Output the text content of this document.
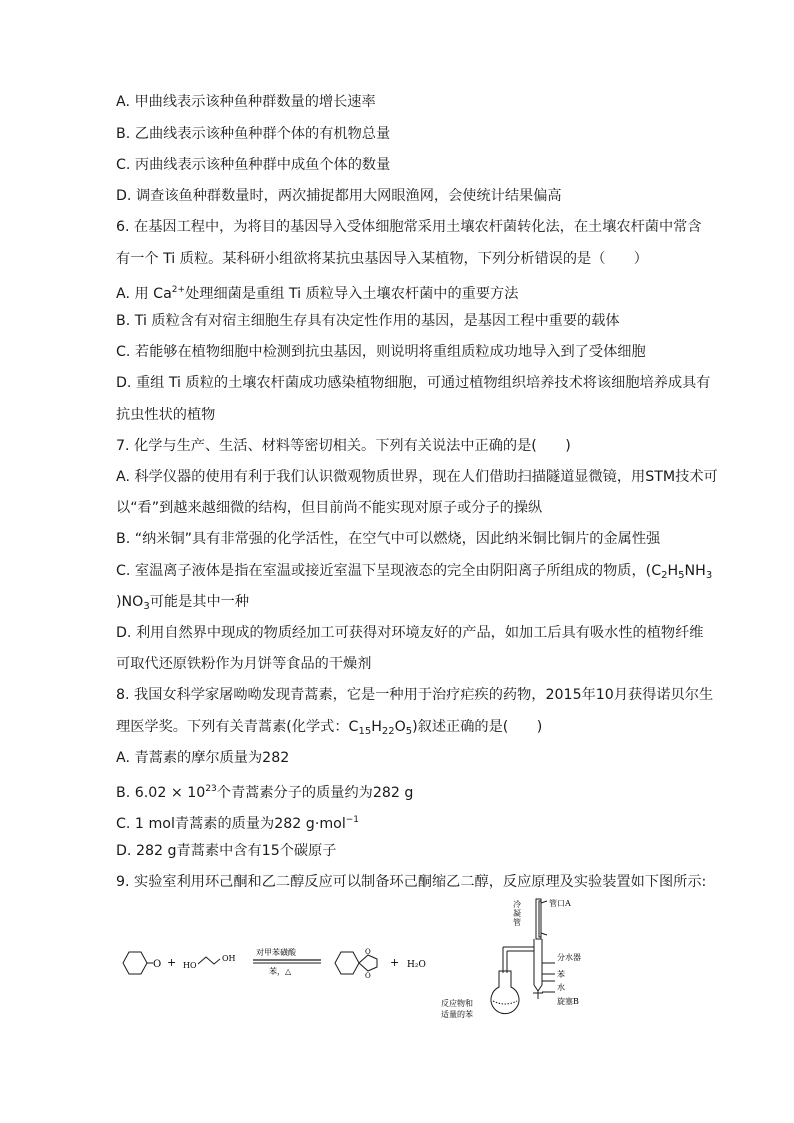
A. 甲曲线表示该种鱼种群数量的增长速率
B. 乙曲线表示该种鱼种群个体的有机物总量
C. 丙曲线表示该种鱼种群中成鱼个体的数量
D. 调查该鱼种群数量时，两次捕捉都用大网眼渔网，会使统计结果偏高
6. 在基因工程中，为将目的基因导入受体细胞常采用土壤农杆菌转化法，在土壤农杆菌中常含
有一个 Ti 质粒。某科研小组欲将某抗虫基因导入某植物，下列分析错误的是（　　）
A. 用 $Ca^{2+}$处理细菌是重组 Ti 质粒导入土壤农杆菌中的重要方法
B. Ti 质粒含有对宿主细胞生存具有决定性作用的基因，是基因工程中重要的载体
C. 若能够在植物细胞中检测到抗虫基因，则说明将重组质粒成功地导入到了受体细胞
D. 重组 Ti 质粒的土壤农杆菌成功感染植物细胞，可通过植物组织培养技术将该细胞培养成具有
抗虫性状的植物
7. 化学与生产、生活、材料等密切相关。下列有关说法中正确的是(　　)
A. 科学仪器的使用有利于我们认识微观物质世界，现在人们借助扫描隧道显微镜，用STM技术可
以“看”到越来越细微的结构，但目前尚不能实现对原子或分子的操纵
B. “纳米铜”具有非常强的化学活性，在空气中可以燃烧，因此纳米铜比铜片的金属性强
C. 室温离子液体是指在室温或接近室温下呈现液态的完全由阴阳离子所组成的物质，($C_2H_5NH_3$
)$NO_3$可能是其中一种
D. 利用自然界中现成的物质经加工可获得对环境友好的产品，如加工后具有吸水性的植物纤维
可取代还原铁粉作为月饼等食品的干燥剂
8. 我国女科学家屠呦呦发现青蒿素，它是一种用于治疗疟疾的药物，2015年10月获得诺贝尔生
理医学奖。下列有关青蒿素(化学式：$C_{15}H_{22}O_5$)叙述正确的是(　　)
A. 青蒿素的摩尔质量为282
B. $6.02 \times 10^{23}$个青蒿素分子的质量约为282 g
C. 1 mol青蒿素的质量为282 g·mol$^{-1}$
D. 282 g青蒿素中含有15个碳原子
9. 实验室利用环己酮和乙二醇反应可以制备环己酮缩乙二醇，反应原理及实验装置如下图所示:
O + HO
OH
对甲苯磺酸
苯，△
O
O
+ H₂O
冷
凝
管
管口A
分水器
苯
水
旋塞B
反应物和
适量的苯
